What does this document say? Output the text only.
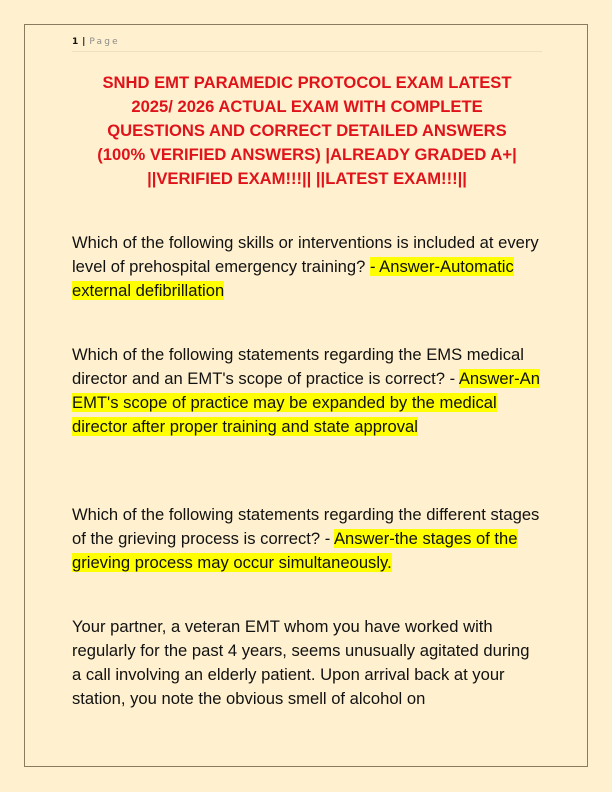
1 | Page
SNHD EMT PARAMEDIC PROTOCOL EXAM LATEST
2025/ 2026 ACTUAL EXAM WITH COMPLETE
QUESTIONS AND CORRECT DETAILED ANSWERS
(100% VERIFIED ANSWERS) |ALREADY GRADED A+|
||VERIFIED EXAM!!!|| ||LATEST EXAM!!!||
Which of the following skills or interventions is included at every level of prehospital emergency training? - Answer-Automatic external defibrillation
Which of the following statements regarding the EMS medical director and an EMT's scope of practice is correct? - Answer-An EMT's scope of practice may be expanded by the medical director after proper training and state approval
Which of the following statements regarding the different stages of the grieving process is correct? - Answer-the stages of the grieving process may occur simultaneously.
Your partner, a veteran EMT whom you have worked with regularly for the past 4 years, seems unusually agitated during a call involving an elderly patient. Upon arrival back at your station, you note the obvious smell of alcohol on
